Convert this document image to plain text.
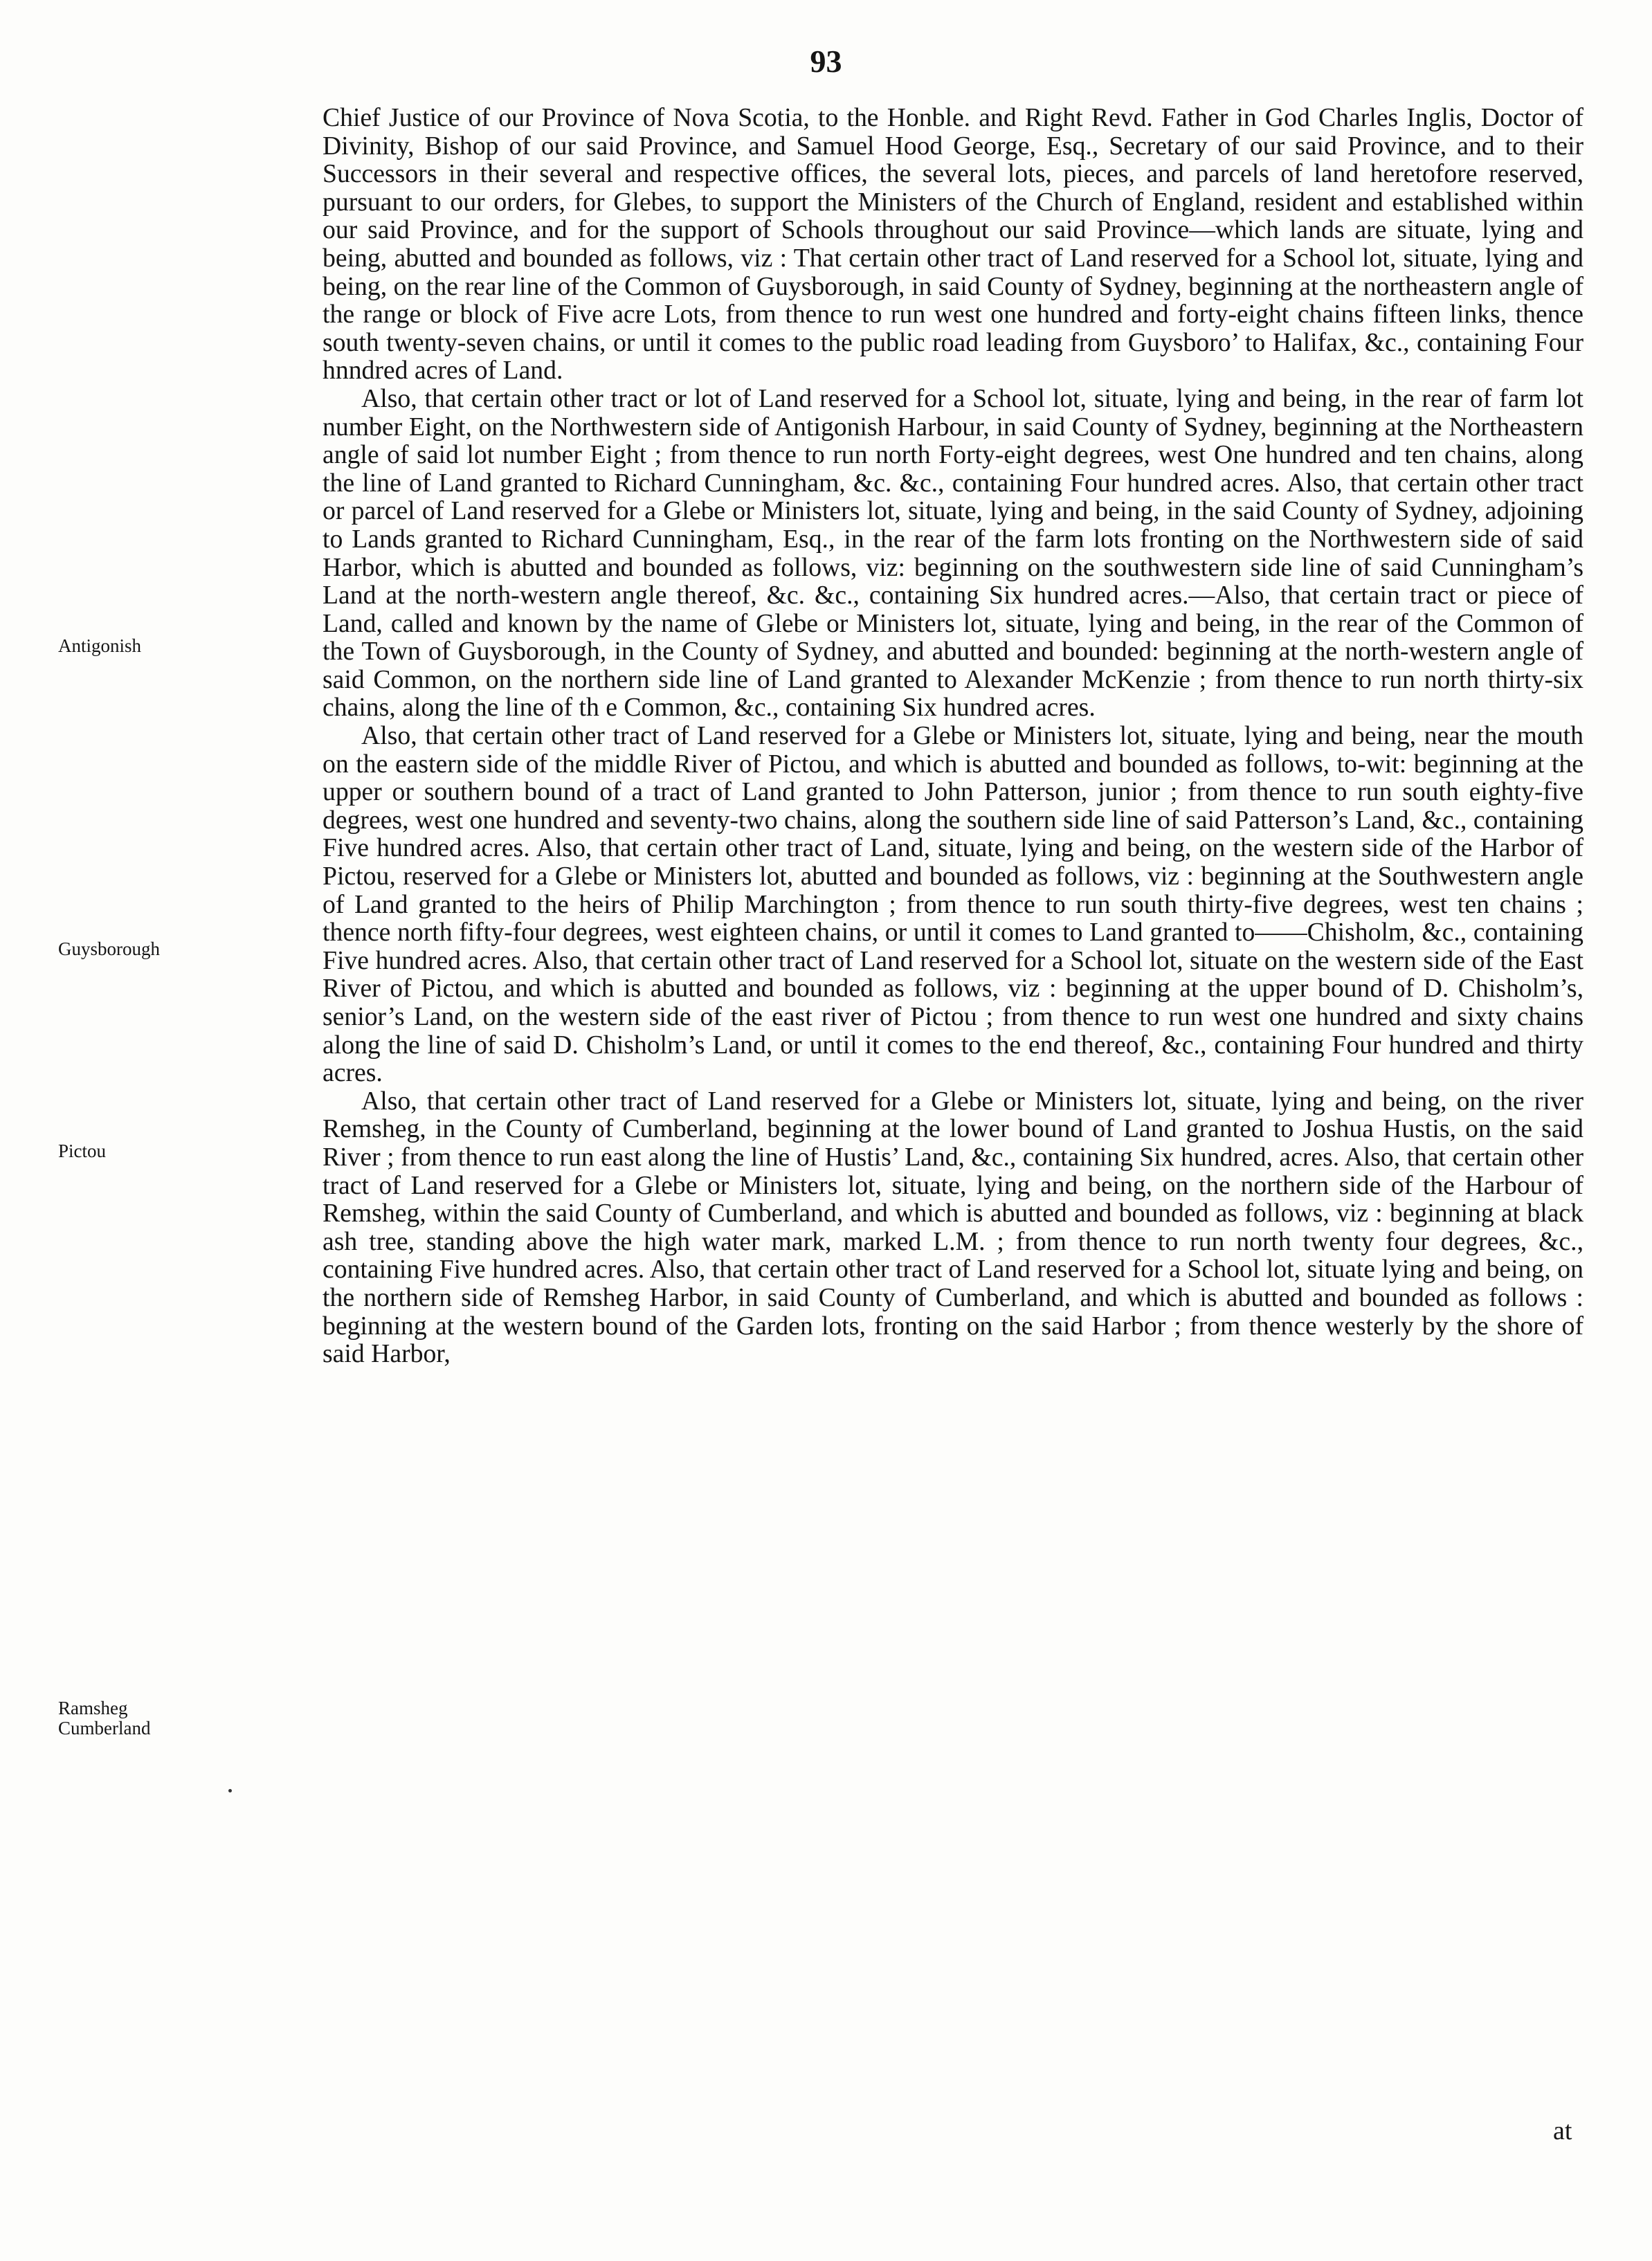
93

Chief Justice of our Province of Nova Scotia, to the Honble. and Right Revd. Father in God Charles Inglis, Doctor of Divinity, Bishop of our said Province, and Samuel Hood George, Esq., Secretary of our said Province, and to their Successors in their several and respective offices, the several lots, pieces, and parcels of land heretofore reserved, pursuant to our orders, for Glebes, to support the Ministers of the Church of England, resident and established within our said Province, and for the support of Schools throughout our said Province—which lands are situate, lying and being, abutted and bounded as follows, viz : That certain other tract of Land reserved for a School lot, situate, lying and being, on the rear line of the Common of Guysborough, in said County of Sydney, beginning at the northeastern angle of the range or block of Five acre Lots, from thence to run west one hundred and forty-eight chains fifteen links, thence south twenty-seven chains, or until it comes to the public road leading from Guysboro’ to Halifax, &c., containing Four hnndred acres of Land.

Also, that certain other tract or lot of Land reserved for a School lot, situate, lying and being, in the rear of farm lot number Eight, on the Northwestern side of Antigonish Harbour, in said County of Sydney, beginning at the Northeastern angle of said lot number Eight ; from thence to run north Forty-eight degrees, west One hundred and ten chains, along the line of Land granted to Richard Cunningham, &c. &c., containing Four hundred acres. Also, that certain other tract or parcel of Land reserved for a Glebe or Ministers lot, situate, lying and being, in the said County of Sydney, adjoining to Lands granted to Richard Cunningham, Esq., in the rear of the farm lots fronting on the Northwestern side of said Harbor, which is abutted and bounded as follows, viz: beginning on the southwestern side line of said Cunningham’s Land at the north-western angle thereof, &c. &c., containing Six hundred acres.—Also, that certain tract or piece of Land, called and known by the name of Glebe or Ministers lot, situate, lying and being, in the rear of the Common of the Town of Guysborough, in the County of Sydney, and abutted and bounded: beginning at the north-western angle of said Common, on the northern side line of Land granted to Alexander McKenzie ; from thence to run north thirty-six chains, along the line of th e Common, &c., containing Six hundred acres.

Also, that certain other tract of Land reserved for a Glebe or Ministers lot, situate, lying and being, near the mouth on the eastern side of the middle River of Pictou, and which is abutted and bounded as follows, to-wit: beginning at the upper or southern bound of a tract of Land granted to John Patterson, junior ; from thence to run south eighty-five degrees, west one hundred and seventy-two chains, along the southern side line of said Patterson’s Land, &c., containing Five hundred acres. Also, that certain other tract of Land, situate, lying and being, on the western side of the Harbor of Pictou, reserved for a Glebe or Ministers lot, abutted and bounded as follows, viz : beginning at the Southwestern angle of Land granted to the heirs of Philip Marchington ; from thence to run south thirty-five degrees, west ten chains ; thence north fifty-four degrees, west eighteen chains, or until it comes to Land granted to——Chisholm, &c., containing Five hundred acres. Also, that certain other tract of Land reserved for a School lot, situate on the western side of the East River of Pictou, and which is abutted and bounded as follows, viz : beginning at the upper bound of D. Chisholm’s, senior’s Land, on the western side of the east river of Pictou ; from thence to run west one hundred and sixty chains along the line of said D. Chisholm’s Land, or until it comes to the end thereof, &c., containing Four hundred and thirty acres.

Also, that certain other tract of Land reserved for a Glebe or Ministers lot, situate, lying and being, on the river Remsheg, in the County of Cumberland, beginning at the lower bound of Land granted to Joshua Hustis, on the said River ; from thence to run east along the line of Hustis’ Land, &c., containing Six hundred, acres. Also, that certain other tract of Land reserved for a Glebe or Ministers lot, situate, lying and being, on the northern side of the Harbour of Remsheg, within the said County of Cumberland, and which is abutted and bounded as follows, viz : beginning at black ash tree, standing above the high water mark, marked L.M. ; from thence to run north twenty four degrees, &c., containing Five hundred acres. Also, that certain other tract of Land reserved for a School lot, situate lying and being, on the northern side of Remsheg Harbor, in said County of Cumberland, and which is abutted and bounded as follows : beginning at the western bound of the Garden lots, fronting on the said Harbor ; from thence westerly by the shore of said Harbor,

Antigonish
Guysborough
Pictou
Ramsheg
Cumberland
at
